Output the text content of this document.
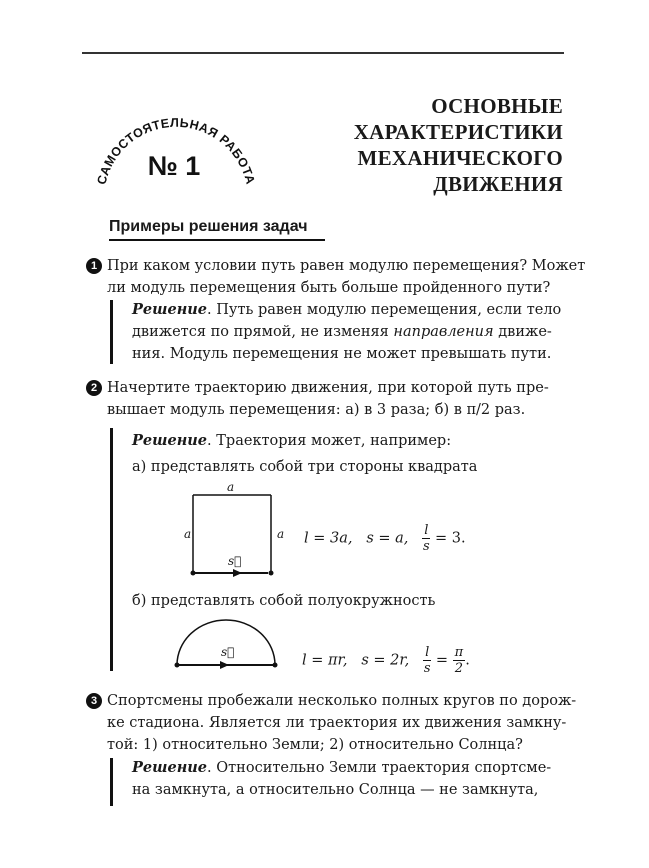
САМОСТОЯТЕЛЬНАЯ РАБОТА
№ 1
ОСНОВНЫЕ
ХАРАКТЕРИСТИКИ
МЕХАНИЧЕСКОГО
ДВИЖЕНИЯ
Примеры решения задач
1 При каком условии путь равен модулю перемещения? Может
ли модуль перемещения быть больше пройденного пути?
Решение. Путь равен модулю перемещения, если тело
движется по прямой, не изменяя направления движе-
ния. Модуль перемещения не может превышать пути.
2 Начертите траекторию движения, при которой путь пре-
вышает модуль перемещения: а) в 3 раза; б) в π/2 раз.
Решение. Траектория может, например:
а) представлять собой три стороны квадрата
a
a	a
s⃗
l = 3a, s = a, $\frac{l}{s} = 3$.
б) представлять собой полуокружность
s⃗
l = πr, s = 2r, $\frac{l}{s} = \frac{\pi}{2}$.
3 Спортсмены пробежали несколько полных кругов по дорож-
ке стадиона. Является ли траектория их движения замкну-
той: 1) относительно Земли; 2) относительно Солнца?
Решение. Относительно Земли траектория спортсме-
на замкнута, а относительно Солнца — не замкнута,
